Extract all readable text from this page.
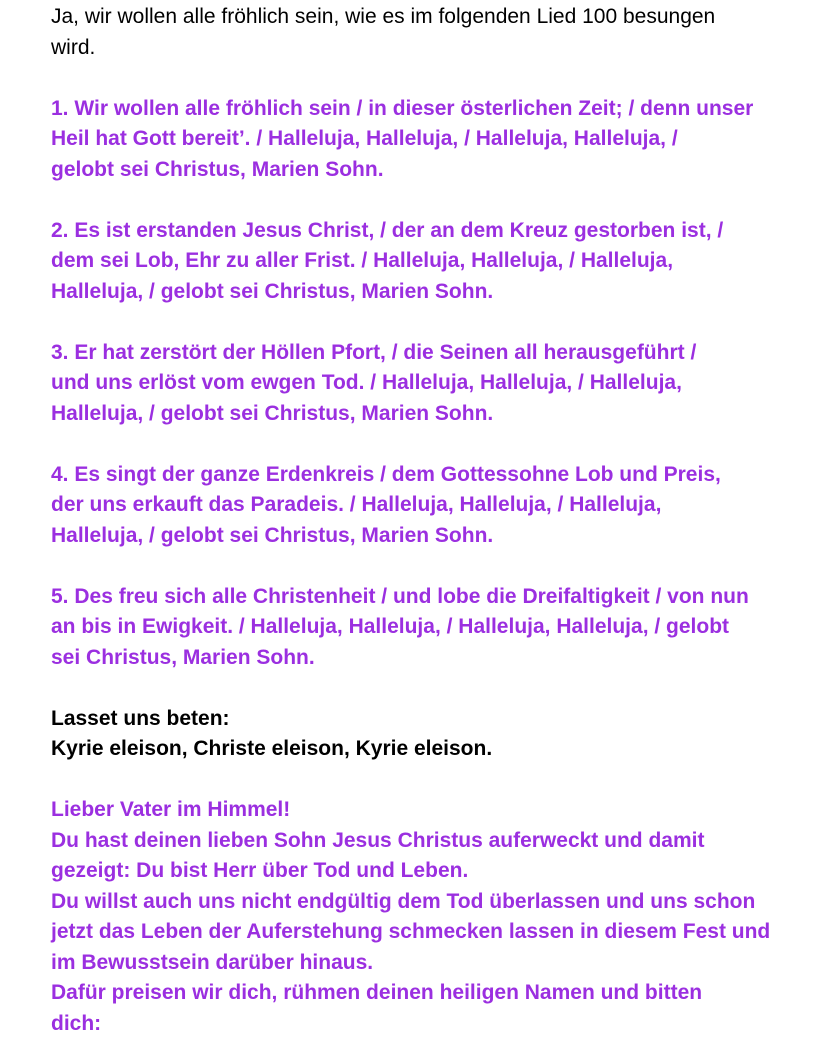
Ja, wir wollen alle fröhlich sein, wie es im folgenden Lied 100 besungen
wird.
1. Wir wollen alle fröhlich sein / in dieser österlichen Zeit; / denn unser
Heil hat Gott bereit’. / Halleluja, Halleluja, / Halleluja, Halleluja, /
gelobt sei Christus, Marien Sohn.
2. Es ist erstanden Jesus Christ, / der an dem Kreuz gestorben ist, /
dem sei Lob, Ehr zu aller Frist. / Halleluja, Halleluja, / Halleluja,
Halleluja, / gelobt sei Christus, Marien Sohn.
3. Er hat zerstört der Höllen Pfort, / die Seinen all herausgeführt /
und uns erlöst vom ewgen Tod. / Halleluja, Halleluja, / Halleluja,
Halleluja, / gelobt sei Christus, Marien Sohn.
4. Es singt der ganze Erdenkreis / dem Gottessohne Lob und Preis,
der uns erkauft das Paradeis. / Halleluja, Halleluja, / Halleluja,
Halleluja, / gelobt sei Christus, Marien Sohn.
5. Des freu sich alle Christenheit / und lobe die Dreifaltigkeit / von nun
an bis in Ewigkeit. / Halleluja, Halleluja, / Halleluja, Halleluja, / gelobt
sei Christus, Marien Sohn.
Lasset uns beten:
Kyrie eleison, Christe eleison, Kyrie eleison.
Lieber Vater im Himmel!
Du hast deinen lieben Sohn Jesus Christus auferweckt und damit
gezeigt: Du bist Herr über Tod und Leben.
Du willst auch uns nicht endgültig dem Tod überlassen und uns schon
jetzt das Leben der Auferstehung schmecken lassen in diesem Fest und
im Bewusstsein darüber hinaus.
Dafür preisen wir dich, rühmen deinen heiligen Namen und bitten
dich:
